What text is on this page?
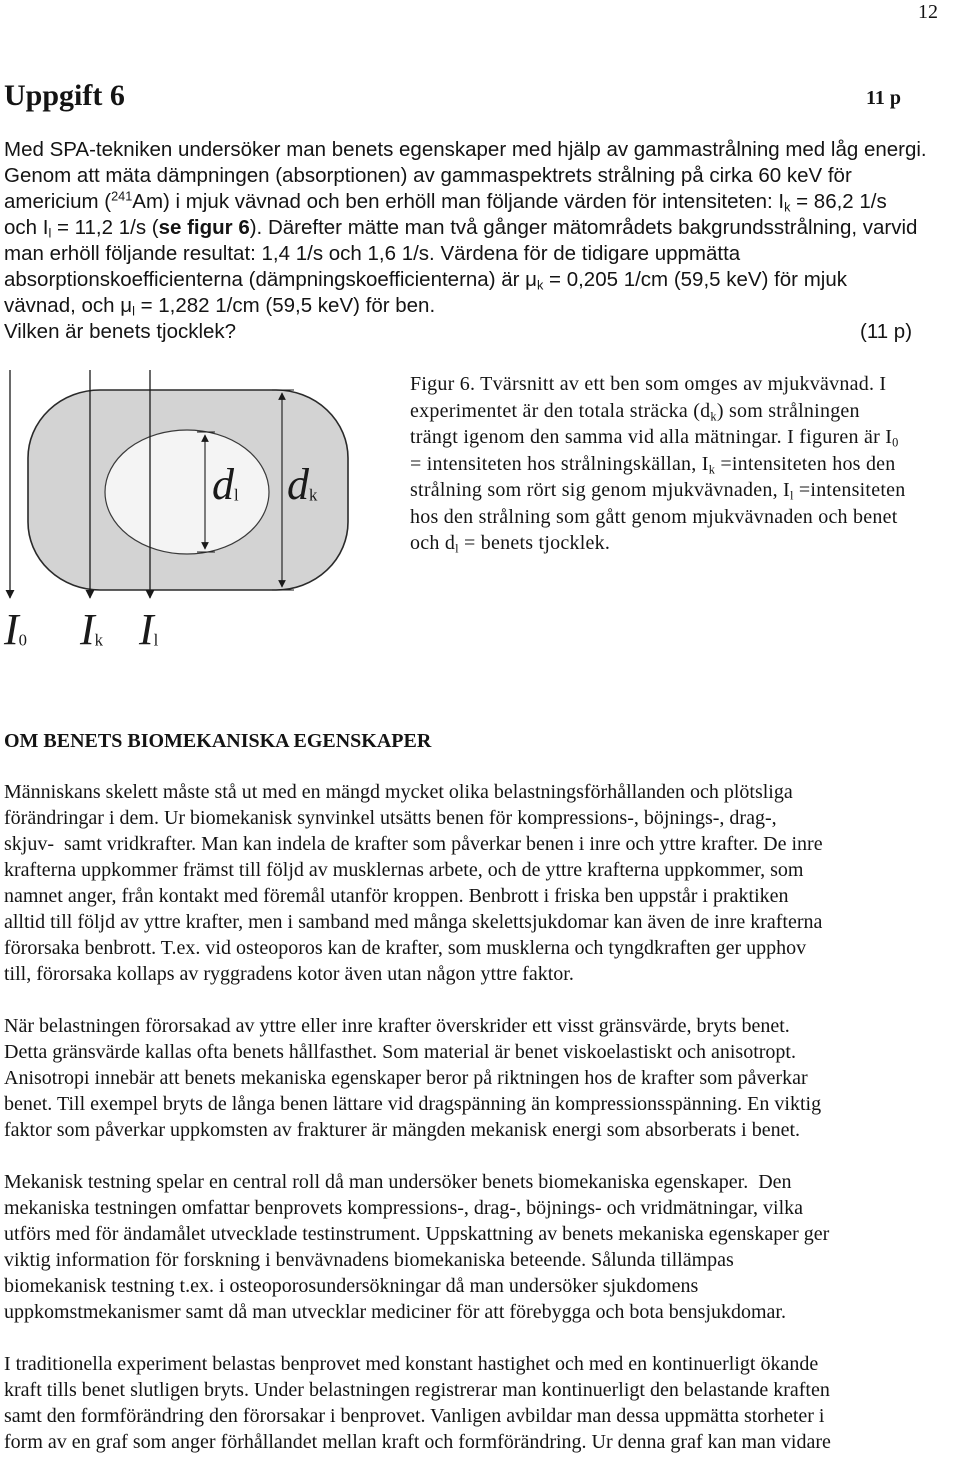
12
Uppgift 6	11 p
Med SPA-tekniken undersöker man benets egenskaper med hjälp av gammastrålning med låg energi.
Genom att mäta dämpningen (absorptionen) av gammaspektrets strålning på cirka 60 keV för
americium ($^{241}$Am) i mjuk vävnad och ben erhöll man följande värden för intensiteten: $I_k = 86,2$ 1/s
och $I_l = 11,2$ 1/s (se figur 6). Därefter mätte man två gånger mätområdets bakgrundsstrålning, varvid
man erhöll följande resultat: 1,4 1/s och 1,6 1/s. Värdena för de tidigare uppmätta
absorptionskoefficienterna (dämpningskoefficienterna) är $\mu_k = 0,205$ 1/cm (59,5 keV) för mjuk
vävnad, och $\mu_l = 1,282$ 1/cm (59,5 keV) för ben.
Vilken är benets tjocklek?	(11 p)
$d_l$ $d_k$
$I_0$ $I_k$ $I_l$
Figur 6. Tvärsnitt av ett ben som omges av mjukvävnad. I
experimentet är den totala sträcka $(d_k)$ som strålningen
trängt igenom den samma vid alla mätningar. I figuren är $I_0$
= intensiteten hos strålningskällan, $I_k$ =intensiteten hos den
strålning som rört sig genom mjukvävnaden, $I_l$ =intensiteten
hos den strålning som gått genom mjukvävnaden och benet
och $d_l$ = benets tjocklek.
OM BENETS BIOMEKANISKA EGENSKAPER
Människans skelett måste stå ut med en mängd mycket olika belastningsförhållanden och plötsliga
förändringar i dem. Ur biomekanisk synvinkel utsätts benen för kompressions-, böjnings-, drag-,
skjuv-  samt vridkrafter. Man kan indela de krafter som påverkar benen i inre och yttre krafter. De inre
krafterna uppkommer främst till följd av musklernas arbete, och de yttre krafterna uppkommer, som
namnet anger, från kontakt med föremål utanför kroppen. Benbrott i friska ben uppstår i praktiken
alltid till följd av yttre krafter, men i samband med många skelettsjukdomar kan även de inre krafterna
förorsaka benbrott. T.ex. vid osteoporos kan de krafter, som musklerna och tyngdkraften ger upphov
till, förorsaka kollaps av ryggradens kotor även utan någon yttre faktor.
När belastningen förorsakad av yttre eller inre krafter överskrider ett visst gränsvärde, bryts benet.
Detta gränsvärde kallas ofta benets hållfasthet. Som material är benet viskoelastiskt och anisotropt.
Anisotropi innebär att benets mekaniska egenskaper beror på riktningen hos de krafter som påverkar
benet. Till exempel bryts de långa benen lättare vid dragspänning än kompressionsspänning. En viktig
faktor som påverkar uppkomsten av frakturer är mängden mekanisk energi som absorberats i benet.
Mekanisk testning spelar en central roll då man undersöker benets biomekaniska egenskaper.  Den
mekaniska testningen omfattar benprovets kompressions-, drag-, böjnings- och vridmätningar, vilka
utförs med för ändamålet utvecklade testinstrument. Uppskattning av benets mekaniska egenskaper ger
viktig information för forskning i benvävnadens biomekaniska beteende. Sålunda tillämpas
biomekanisk testning t.ex. i osteoporosundersökningar då man undersöker sjukdomens
uppkomstmekanismer samt då man utvecklar mediciner för att förebygga och bota bensjukdomar.
I traditionella experiment belastas benprovet med konstant hastighet och med en kontinuerligt ökande
kraft tills benet slutligen bryts. Under belastningen registrerar man kontinuerligt den belastande kraften
samt den formförändring den förorsakar i benprovet. Vanligen avbildar man dessa uppmätta storheter i
form av en graf som anger förhållandet mellan kraft och formförändring. Ur denna graf kan man vidare
